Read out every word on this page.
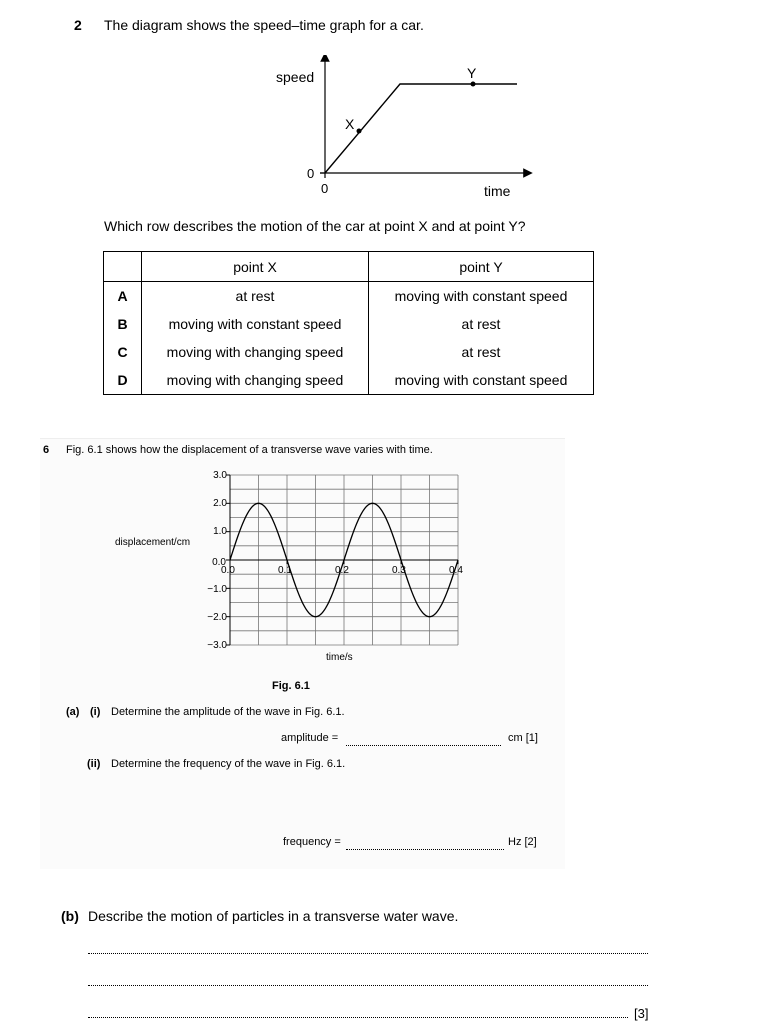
2 The diagram shows the speed–time graph for a car.
speed
X
Y
0
0	time
Which row describes the motion of the car at point X and at point Y?
	point X	point Y
A	at rest	moving with constant speed
B	moving with constant speed	at rest
C	moving with changing speed	at rest
D	moving with changing speed	moving with constant speed
6 Fig. 6.1 shows how the displacement of a transverse wave varies with time.
displacement/cm
time/s
3.0
2.0
1.0
0.0
−1.0
−2.0
−3.0
0.0	0.1	0.2	0.3	0.4
Fig. 6.1
(a) (i) Determine the amplitude of the wave in Fig. 6.1.
amplitude =	cm [1]
(ii) Determine the frequency of the wave in Fig. 6.1.
frequency =	Hz [2]
(b) Describe the motion of particles in a transverse water wave.
[3]
